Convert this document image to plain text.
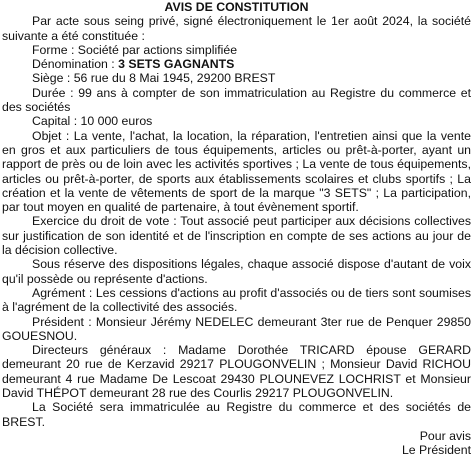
AVIS DE CONSTITUTION

Par acte sous seing privé, signé électroniquement le 1er août 2024, la société suivante a été constituée :

Forme : Société par actions simplifiée

Dénomination : 3 SETS GAGNANTS

Siège : 56 rue du 8 Mai 1945, 29200 BREST

Durée : 99 ans à compter de son immatriculation au Registre du commerce et des sociétés

Capital : 10 000 euros

Objet : La vente, l'achat, la location, la réparation, l'entretien ainsi que la vente en gros et aux particuliers de tous équipements, articles ou prêt-à-porter, ayant un rapport de près ou de loin avec les activités sportives ; La vente de tous équipements, articles ou prêt-à-porter, de sports aux établissements scolaires et clubs sportifs ; La création et la vente de vêtements de sport de la marque "3 SETS" ; La participation, par tout moyen en qualité de partenaire, à tout évènement sportif.

Exercice du droit de vote : Tout associé peut participer aux décisions collectives sur justification de son identité et de l'inscription en compte de ses actions au jour de la décision collective.

Sous réserve des dispositions légales, chaque associé dispose d'autant de voix qu'il possède ou représente d'actions.

Agrément : Les cessions d'actions au profit d'associés ou de tiers sont soumises à l'agrément de la collectivité des associés.

Président : Monsieur Jérémy NEDELEC demeurant 3ter rue de Penquer 29850 GOUESNOU.

Directeurs généraux : Madame Dorothée TRICARD épouse GERARD demeurant 20 rue de Kerzavid 29217 PLOUGONVELIN ; Monsieur David RICHOU demeurant 4 rue Madame De Lescoat 29430 PLOUNEVEZ LOCHRIST et Monsieur David THÉPOT demeurant 28 rue des Courlis 29217 PLOUGONVELIN.

La Société sera immatriculée au Registre du commerce et des sociétés de BREST.

Pour avis
Le Président
